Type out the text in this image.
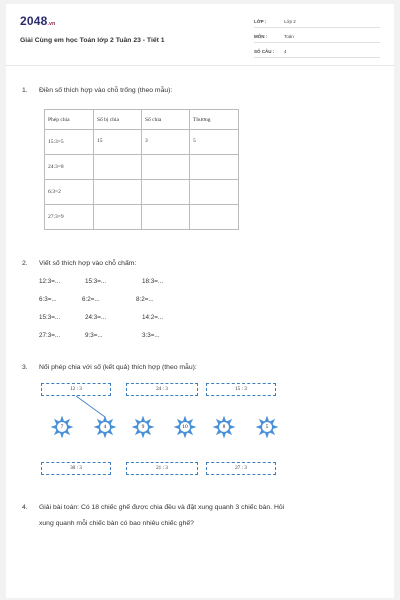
2048.vn
Giải Cùng em học Toán lớp 2 Tuần 23 - Tiết 1
LỚP :	Lớp 2
MÔN :	Toán
SỐ CÂU : 4
1. Điền số thích hợp vào chỗ trống (theo mẫu):
Phép chia	Số bị chia	Số chia	Thương
15:3=5	15	3	5
24:3=8			
6:3=2			
27:3=9			
2. Viết số thích hợp vào chỗ chấm:
12:3=...	15:3=...	18:3=...
6:3=...	6:2=...	8:2=...
15:3=...	24:3=...	14:2=...
27:3=...	9:3=...	3:3=...
3. Nối phép chia với số (kết quả) thích hợp (theo mẫu):
12 : 3	24 : 3	15 : 3
7	4	9	10	8	5
30 : 3	21 : 3	27 : 3
4. Giải bài toán: Có 18 chiếc ghế được chia đều và đặt xung quanh 3 chiếc bàn. Hỏi
xung quanh mỗi chiếc bàn có bao nhiêu chiếc ghế?
